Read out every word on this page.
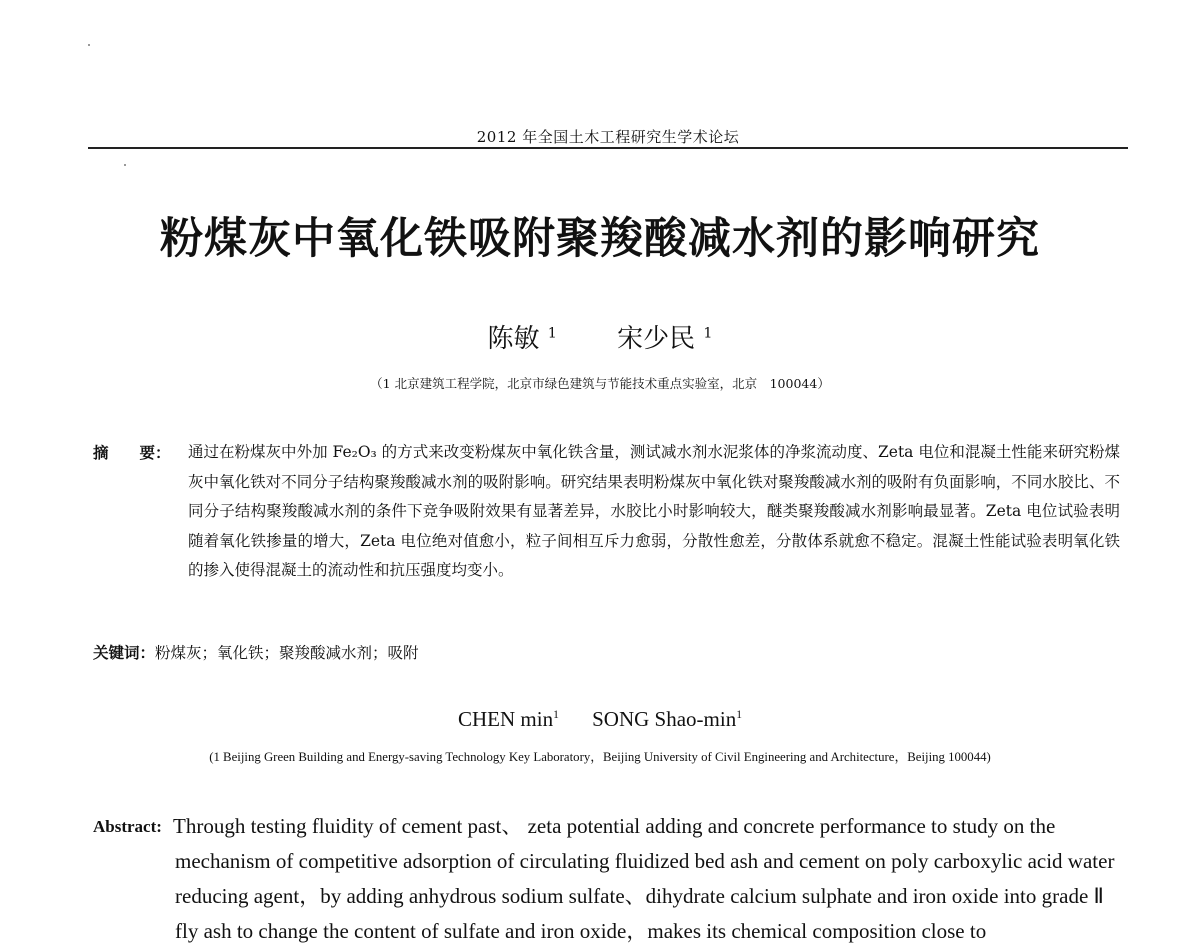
2012 年全国土木工程研究生学术论坛
粉煤灰中氧化铁吸附聚羧酸减水剂的影响研究
陈敏 $^1$ 宋少民 $^1$
（1 北京建筑工程学院，北京市绿色建筑与节能技术重点实验室，北京　100044）
摘　　要：	通过在粉煤灰中外加 Fe₂O₃ 的方式来改变粉煤灰中氧化铁含量，测试减水剂水泥浆体的净浆流动度、Zeta 电位和混凝土性能来研究粉煤灰中氧化铁对不同分子结构聚羧酸减水剂的吸附影响。研究结果表明粉煤灰中氧化铁对聚羧酸减水剂的吸附有负面影响，不同水胶比、不同分子结构聚羧酸减水剂的条件下竞争吸附效果有显著差异，水胶比小时影响较大，醚类聚羧酸减水剂影响最显著。Zeta 电位试验表明随着氧化铁掺量的增大，Zeta 电位绝对值愈小，粒子间相互斥力愈弱，分散性愈差，分散体系就愈不稳定。混凝土性能试验表明氧化铁的掺入使得混凝土的流动性和抗压强度均变小。
关键词：粉煤灰；氧化铁；聚羧酸减水剂；吸附
CHEN $\min^1$ SONG Shao-$\min^1$
(1 Beijing Green Building and Energy-saving Technology Key Laboratory，Beijing University of Civil Engineering and Architecture，Beijing 100044)
Abstract: Through testing fluidity of cement past、 zeta potential adding and concrete performance to study on the mechanism of competitive adsorption of circulating fluidized bed ash and cement on poly carboxylic acid water reducing agent，by adding anhydrous sodium sulfate、dihydrate calcium sulphate and iron oxide into grade Ⅱ fly ash to change the content of sulfate and iron oxide，makes its chemical composition close to
